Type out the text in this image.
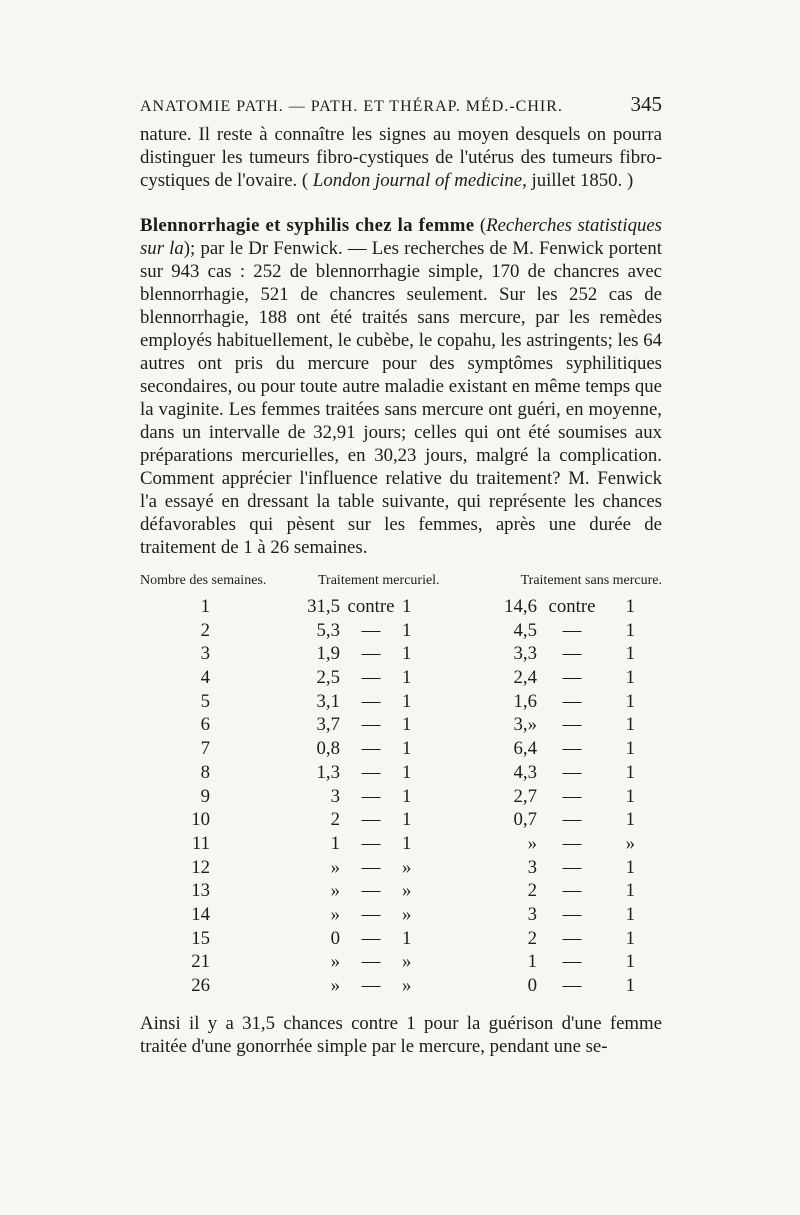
ANATOMIE PATH. — PATH. ET THÉRAP. MÉD.-CHIR.	345

nature. Il reste à connaître les signes au moyen desquels on pourra distinguer les tumeurs fibro-cystiques de l'utérus des tumeurs fibro-cystiques de l'ovaire. ( London journal of medicine, juillet 1850. )

Blennorrhagie et syphilis chez la femme (Recherches statistiques sur la); par le Dr Fenwick. — Les recherches de M. Fenwick portent sur 943 cas : 252 de blennorrhagie simple, 170 de chancres avec blennorrhagie, 521 de chancres seulement. Sur les 252 cas de blennorrhagie, 188 ont été traités sans mercure, par les remèdes employés habituellement, le cubèbe, le copahu, les astringents; les 64 autres ont pris du mercure pour des symptômes syphilitiques secondaires, ou pour toute autre maladie existant en même temps que la vaginite. Les femmes traitées sans mercure ont guéri, en moyenne, dans un intervalle de 32,91 jours; celles qui ont été soumises aux préparations mercurielles, en 30,23 jours, malgré la complication. Comment apprécier l'influence relative du traitement? M. Fenwick l'a essayé en dressant la table suivante, qui représente les chances défavorables qui pèsent sur les femmes, après une durée de traitement de 1 à 26 semaines.

Nombre des semaines.	Traitement mercuriel.	Traitement sans mercure.
1	31,5 contre 1	14,6 contre	1
2	5,3	—	1	4,5	—	1
3	1,9	—	1	3,3	—	1
4	2,5	—	1	2,4	—	1
5	3,1	—	1	1,6	—	1
6	3,7	—	1	3,»	—	1
7	0,8	—	1	6,4	—	1
8	1,3	—	1	4,3	—	1
9	3	—	1	2,7	—	1
10	2	—	1	0,7	—	1
11	1	—	1	»	—	»
12	»	—	»	3	—	1
13	»	—	»	2	—	1
14	»	—	»	3	—	1
15	0	—	1	2	—	1
21	»	—	»	1	—	1
26	»	—	»	0	—	1

Ainsi il y a 31,5 chances contre 1 pour la guérison d'une femme traitée d'une gonorrhée simple par le mercure, pendant une se-
